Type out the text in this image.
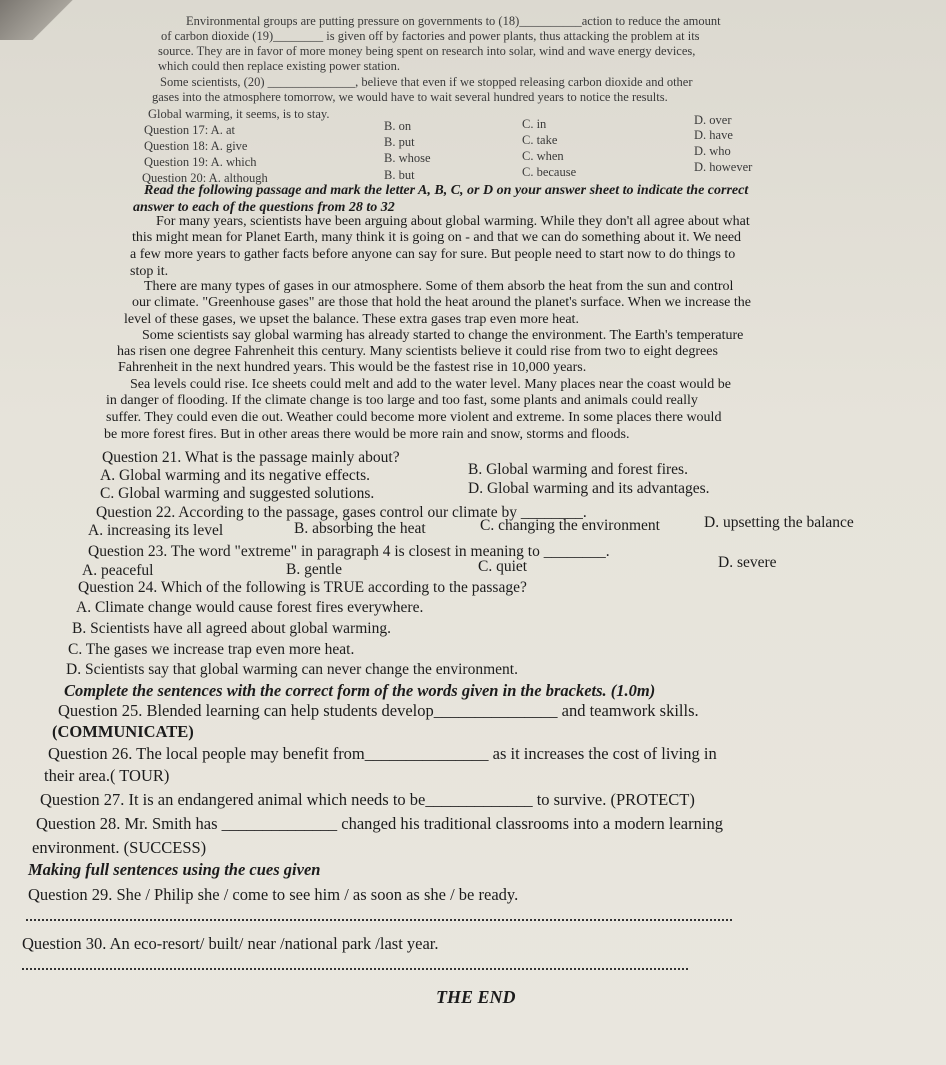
Environmental groups are putting pressure on governments to (18)__________action to reduce the amount
of carbon dioxide (19)________ is given off by factories and power plants, thus attacking the problem at its
source. They are in favor of more money being spent on research into solar, wind and wave energy devices,
which could then replace existing power station.
Some scientists, (20) ______________, believe that even if we stopped releasing carbon dioxide and other
gases into the atmosphere tomorrow, we would have to wait several hundred years to notice the results.
Global warming, it seems, is to stay.
Question 17: A. at	B. on	C. in	D. over
Question 18: A. give	B. put	C. take	D. have
Question 19: A. which	B. whose	C. when	D. who
Question 20: A. although	B. but	C. because	D. however
Read the following passage and mark the letter A, B, C, or D on your answer sheet to indicate the correct
answer to each of the questions from 28 to 32
For many years, scientists have been arguing about global warming. While they don't all agree about what
this might mean for Planet Earth, many think it is going on - and that we can do something about it. We need
a few more years to gather facts before anyone can say for sure. But people need to start now to do things to
stop it.
There are many types of gases in our atmosphere. Some of them absorb the heat from the sun and control
our climate. "Greenhouse gases" are those that hold the heat around the planet's surface. When we increase the
level of these gases, we upset the balance. These extra gases trap even more heat.
Some scientists say global warming has already started to change the environment. The Earth's temperature
has risen one degree Fahrenheit this century. Many scientists believe it could rise from two to eight degrees
Fahrenheit in the next hundred years. This would be the fastest rise in 10,000 years.
Sea levels could rise. Ice sheets could melt and add to the water level. Many places near the coast would be
in danger of flooding. If the climate change is too large and too fast, some plants and animals could really
suffer. They could even die out. Weather could become more violent and extreme. In some places there would
be more forest fires. But in other areas there would be more rain and snow, storms and floods.
Question 21. What is the passage mainly about?
A. Global warming and its negative effects.	B. Global warming and forest fires.
C. Global warming and suggested solutions.	D. Global warming and its advantages.
Question 22. According to the passage, gases control our climate by ________.
A. increasing its level	B. absorbing the heat	C. changing the environment	D. upsetting the balance
Question 23. The word "extreme" in paragraph 4 is closest in meaning to ________.
A. peaceful	B. gentle	C. quiet	D. severe
Question 24. Which of the following is TRUE according to the passage?
A. Climate change would cause forest fires everywhere.
B. Scientists have all agreed about global warming.
C. The gases we increase trap even more heat.
D. Scientists say that global warming can never change the environment.
Complete the sentences with the correct form of the words given in the brackets. (1.0m)
Question 25. Blended learning can help students develop_______________ and teamwork skills.
(COMMUNICATE)
Question 26. The local people may benefit from_______________ as it increases the cost of living in
their area.( TOUR)
Question 27. It is an endangered animal which needs to be_____________ to survive. (PROTECT)
Question 28. Mr. Smith has ______________ changed his traditional classrooms into a modern learning
environment. (SUCCESS)
Making full sentences using the cues given
Question 29. She / Philip she / come to see him / as soon as she / be ready.
Question 30. An eco-resort/ built/ near /national park /last year.
THE END
